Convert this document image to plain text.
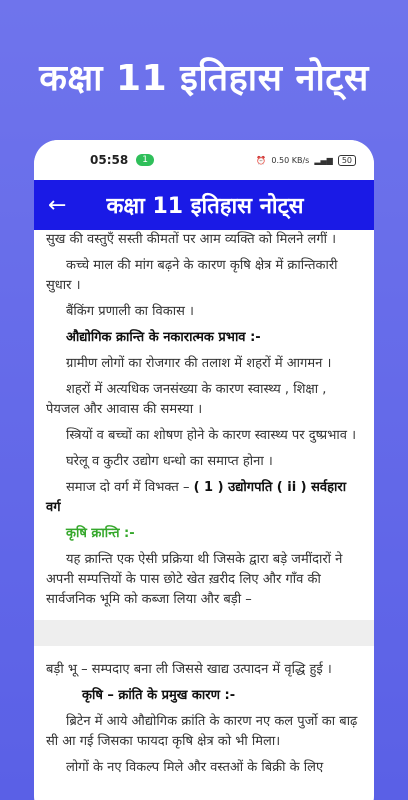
कक्षा 11 इतिहास नोट्स
05:58	1	⏰ 0.50 KB/s ▂▄▆	50
←	कक्षा 11 इतिहास नोट्स

सुख की वस्तुएँ सस्ती कीमतों पर आम व्यक्ति को मिलने लगीं ।

कच्चे माल की मांग बढ़ने के कारण कृषि क्षेत्र में क्रान्तिकारी सुधार ।

बैंकिंग प्रणाली का विकास ।

औद्योगिक क्रान्ति के नकारात्मक प्रभाव :-

ग्रामीण लोगों का रोजगार की तलाश में शहरों में आगमन ।

शहरों में अत्यधिक जनसंख्या के कारण स्वास्थ्य , शिक्षा , पेयजल और आवास की समस्या ।

स्त्रियों व बच्चों का शोषण होने के कारण स्वास्थ्य पर दुष्प्रभाव ।

घरेलू व कुटीर उद्योग धन्धो का समाप्त होना ।

समाज दो वर्ग में विभक्त – ( 1 ) उद्योगपति ( ii ) सर्वहारा वर्ग

कृषि क्रान्ति :-

यह क्रान्ति एक ऐसी प्रक्रिया थी जिसके द्वारा बड़े जमींदारों ने अपनी सम्पत्तियों के पास छोटे खेत ख़रीद लिए और गाँव की सार्वजनिक भूमि को कब्जा लिया और बड़ी –

बड़ी भू – सम्पदाए बना ली जिससे खाद्य उत्पादन में वृद्धि हुई ।

कृषि – क्रांति के प्रमुख कारण :-

ब्रिटेन में आये औद्योगिक क्रांति के कारण नए कल पुर्जो का बाढ़ सी आ गई जिसका फायदा कृषि क्षेत्र को भी मिला।

लोगों के नए विकल्प मिले और वस्तओं के बिक्री के लिए
